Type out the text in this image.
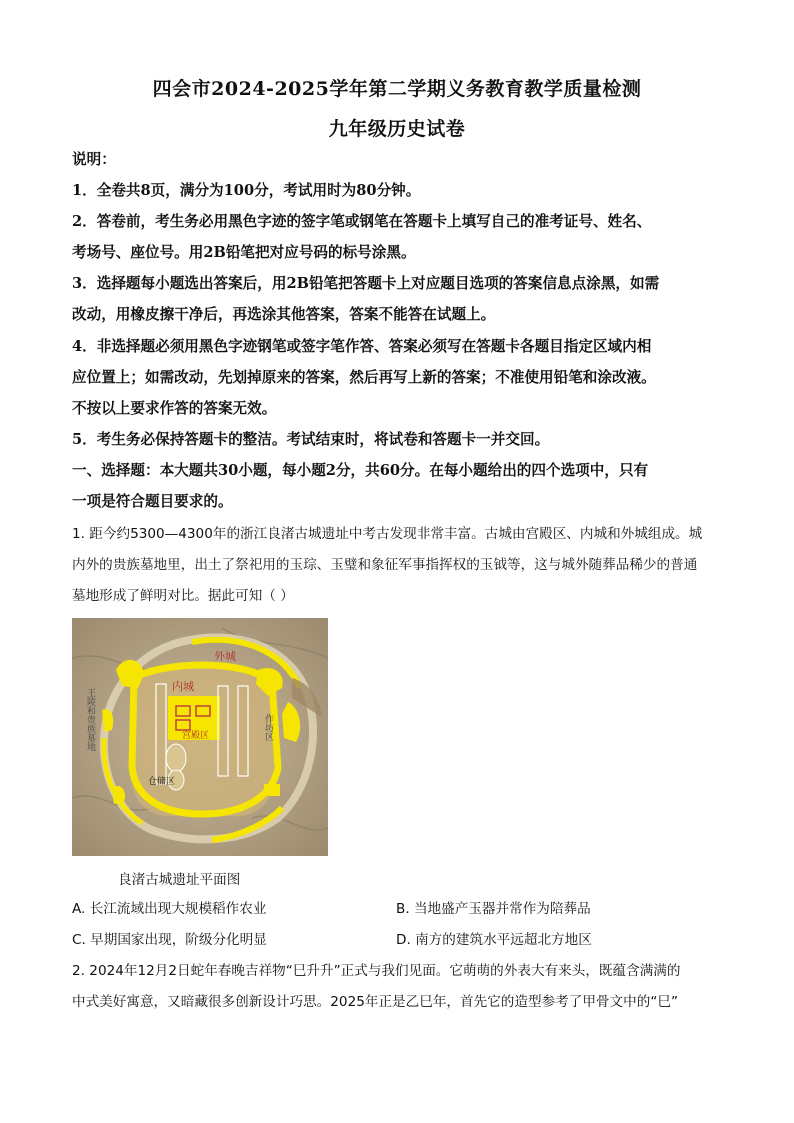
四会市2024-2025学年第二学期义务教育教学质量检测
九年级历史试卷
说明：
1．全卷共8页，满分为100分，考试用时为80分钟。
2．答卷前，考生务必用黑色字迹的签字笔或钢笔在答题卡上填写自己的准考证号、姓名、
考场号、座位号。用2B铅笔把对应号码的标号涂黑。
3．选择题每小题选出答案后，用2B铅笔把答题卡上对应题目选项的答案信息点涂黑，如需
改动，用橡皮擦干净后，再选涂其他答案，答案不能答在试题上。
4．非选择题必须用黑色字迹钢笔或签字笔作答、答案必须写在答题卡各题目指定区域内相
应位置上；如需改动，先划掉原来的答案，然后再写上新的答案；不准使用铅笔和涂改液。
不按以上要求作答的答案无效。
5．考生务必保持答题卡的整洁。考试结束时，将试卷和答题卡一并交回。
一、选择题：本大题共30小题，每小题2分，共60分。在每小题给出的四个选项中，只有
一项是符合题目要求的。
1. 距今约5300—4300年的浙江良渚古城遗址中考古发现非常丰富。古城由宫殿区、内城和外城组成。城
内外的贵族墓地里，出土了祭祀用的玉琮、玉璧和象征军事指挥权的玉钺等，这与城外随葬品稀少的普通
墓地形成了鲜明对比。据此可知（ ）
外城
内城
宫殿区
王陵和贵族墓地	作坊区
仓储区
良渚古城遗址平面图
A. 长江流域出现大规模稻作农业	B. 当地盛产玉器并常作为陪葬品
C. 早期国家出现，阶级分化明显	D. 南方的建筑水平远超北方地区
2. 2024年12月2日蛇年春晚吉祥物“巳升升”正式与我们见面。它萌萌的外表大有来头，既蕴含满满的
中式美好寓意，又暗藏很多创新设计巧思。2025年正是乙巳年，首先它的造型参考了甲骨文中的“巳”
